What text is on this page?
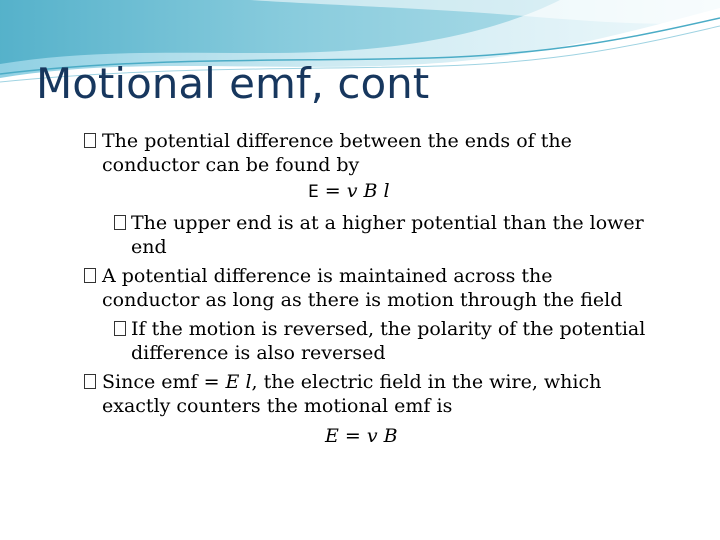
Motional emf, cont

The potential difference between the ends of the

conductor can be found by

E = v B l

The upper end is at a higher potential than the lower

end

A potential difference is maintained across the

conductor as long as there is motion through the field

If the motion is reversed, the polarity of the potential

difference is also reversed

Since emf = E l, the electric field in the wire, which

exactly counters the motional emf is

E = v B
